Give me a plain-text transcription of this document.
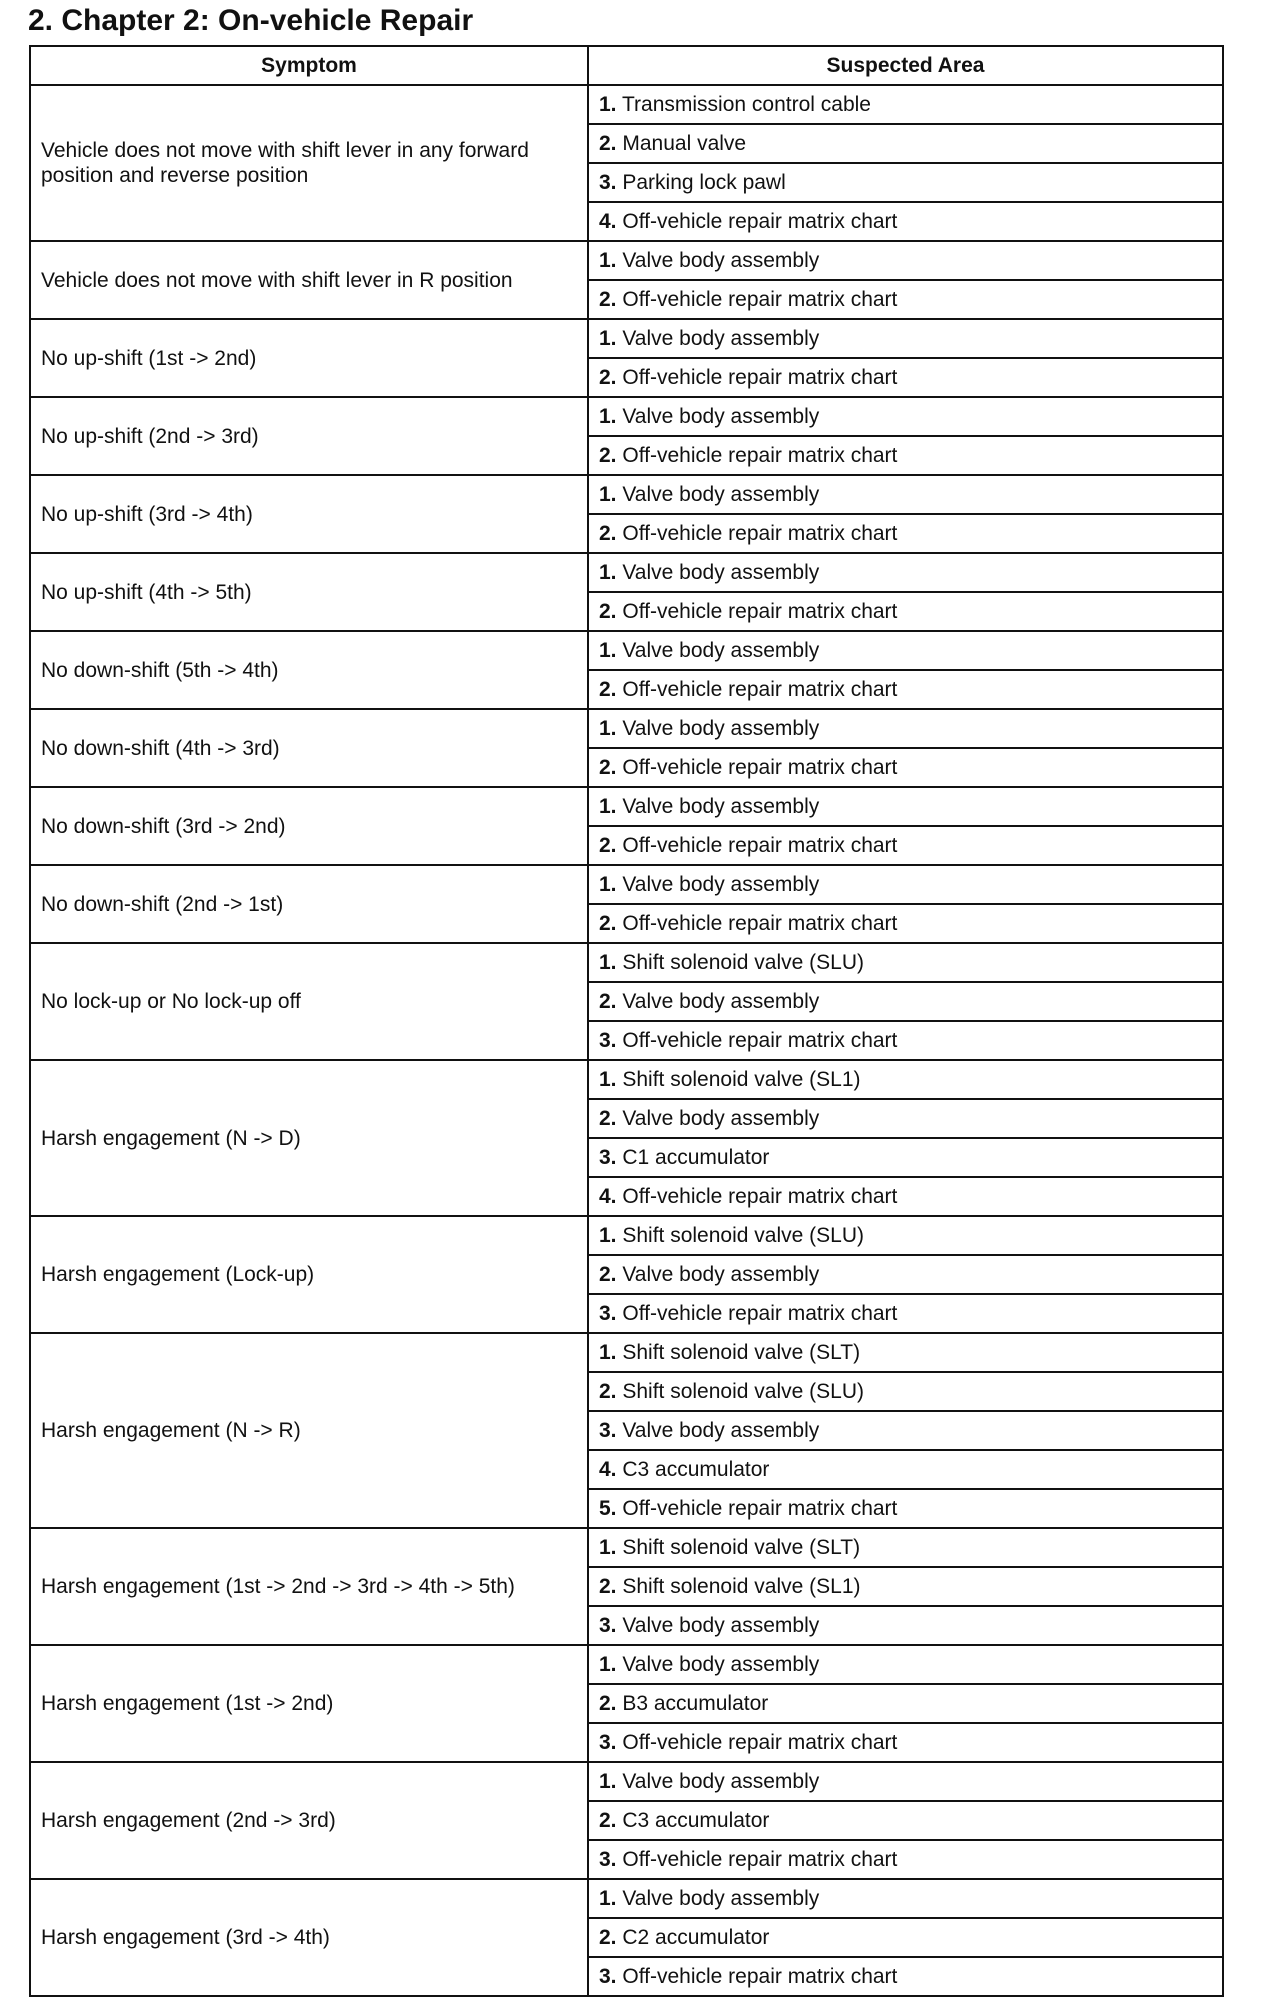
2. Chapter 2: On-vehicle Repair
Symptom	Suspected Area
Vehicle does not move with shift lever in any forward position and reverse position	1. Transmission control cable
	2. Manual valve
	3. Parking lock pawl
	4. Off-vehicle repair matrix chart
Vehicle does not move with shift lever in R position	1. Valve body assembly
	2. Off-vehicle repair matrix chart
No up-shift (1st -> 2nd)	1. Valve body assembly
	2. Off-vehicle repair matrix chart
No up-shift (2nd -> 3rd)	1. Valve body assembly
	2. Off-vehicle repair matrix chart
No up-shift (3rd -> 4th)	1. Valve body assembly
	2. Off-vehicle repair matrix chart
No up-shift (4th -> 5th)	1. Valve body assembly
	2. Off-vehicle repair matrix chart
No down-shift (5th -> 4th)	1. Valve body assembly
	2. Off-vehicle repair matrix chart
No down-shift (4th -> 3rd)	1. Valve body assembly
	2. Off-vehicle repair matrix chart
No down-shift (3rd -> 2nd)	1. Valve body assembly
	2. Off-vehicle repair matrix chart
No down-shift (2nd -> 1st)	1. Valve body assembly
	2. Off-vehicle repair matrix chart
No lock-up or No lock-up off	1. Shift solenoid valve (SLU)
	2. Valve body assembly
	3. Off-vehicle repair matrix chart
Harsh engagement (N -> D)	1. Shift solenoid valve (SL1)
	2. Valve body assembly
	3. C1 accumulator
	4. Off-vehicle repair matrix chart
Harsh engagement (Lock-up)	1. Shift solenoid valve (SLU)
	2. Valve body assembly
	3. Off-vehicle repair matrix chart
Harsh engagement (N -> R)	1. Shift solenoid valve (SLT)
	2. Shift solenoid valve (SLU)
	3. Valve body assembly
	4. C3 accumulator
	5. Off-vehicle repair matrix chart
Harsh engagement (1st -> 2nd -> 3rd -> 4th -> 5th)	1. Shift solenoid valve (SLT)
	2. Shift solenoid valve (SL1)
	3. Valve body assembly
Harsh engagement (1st -> 2nd)	1. Valve body assembly
	2. B3 accumulator
	3. Off-vehicle repair matrix chart
Harsh engagement (2nd -> 3rd)	1. Valve body assembly
	2. C3 accumulator
	3. Off-vehicle repair matrix chart
Harsh engagement (3rd -> 4th)	1. Valve body assembly
	2. C2 accumulator
	3. Off-vehicle repair matrix chart
